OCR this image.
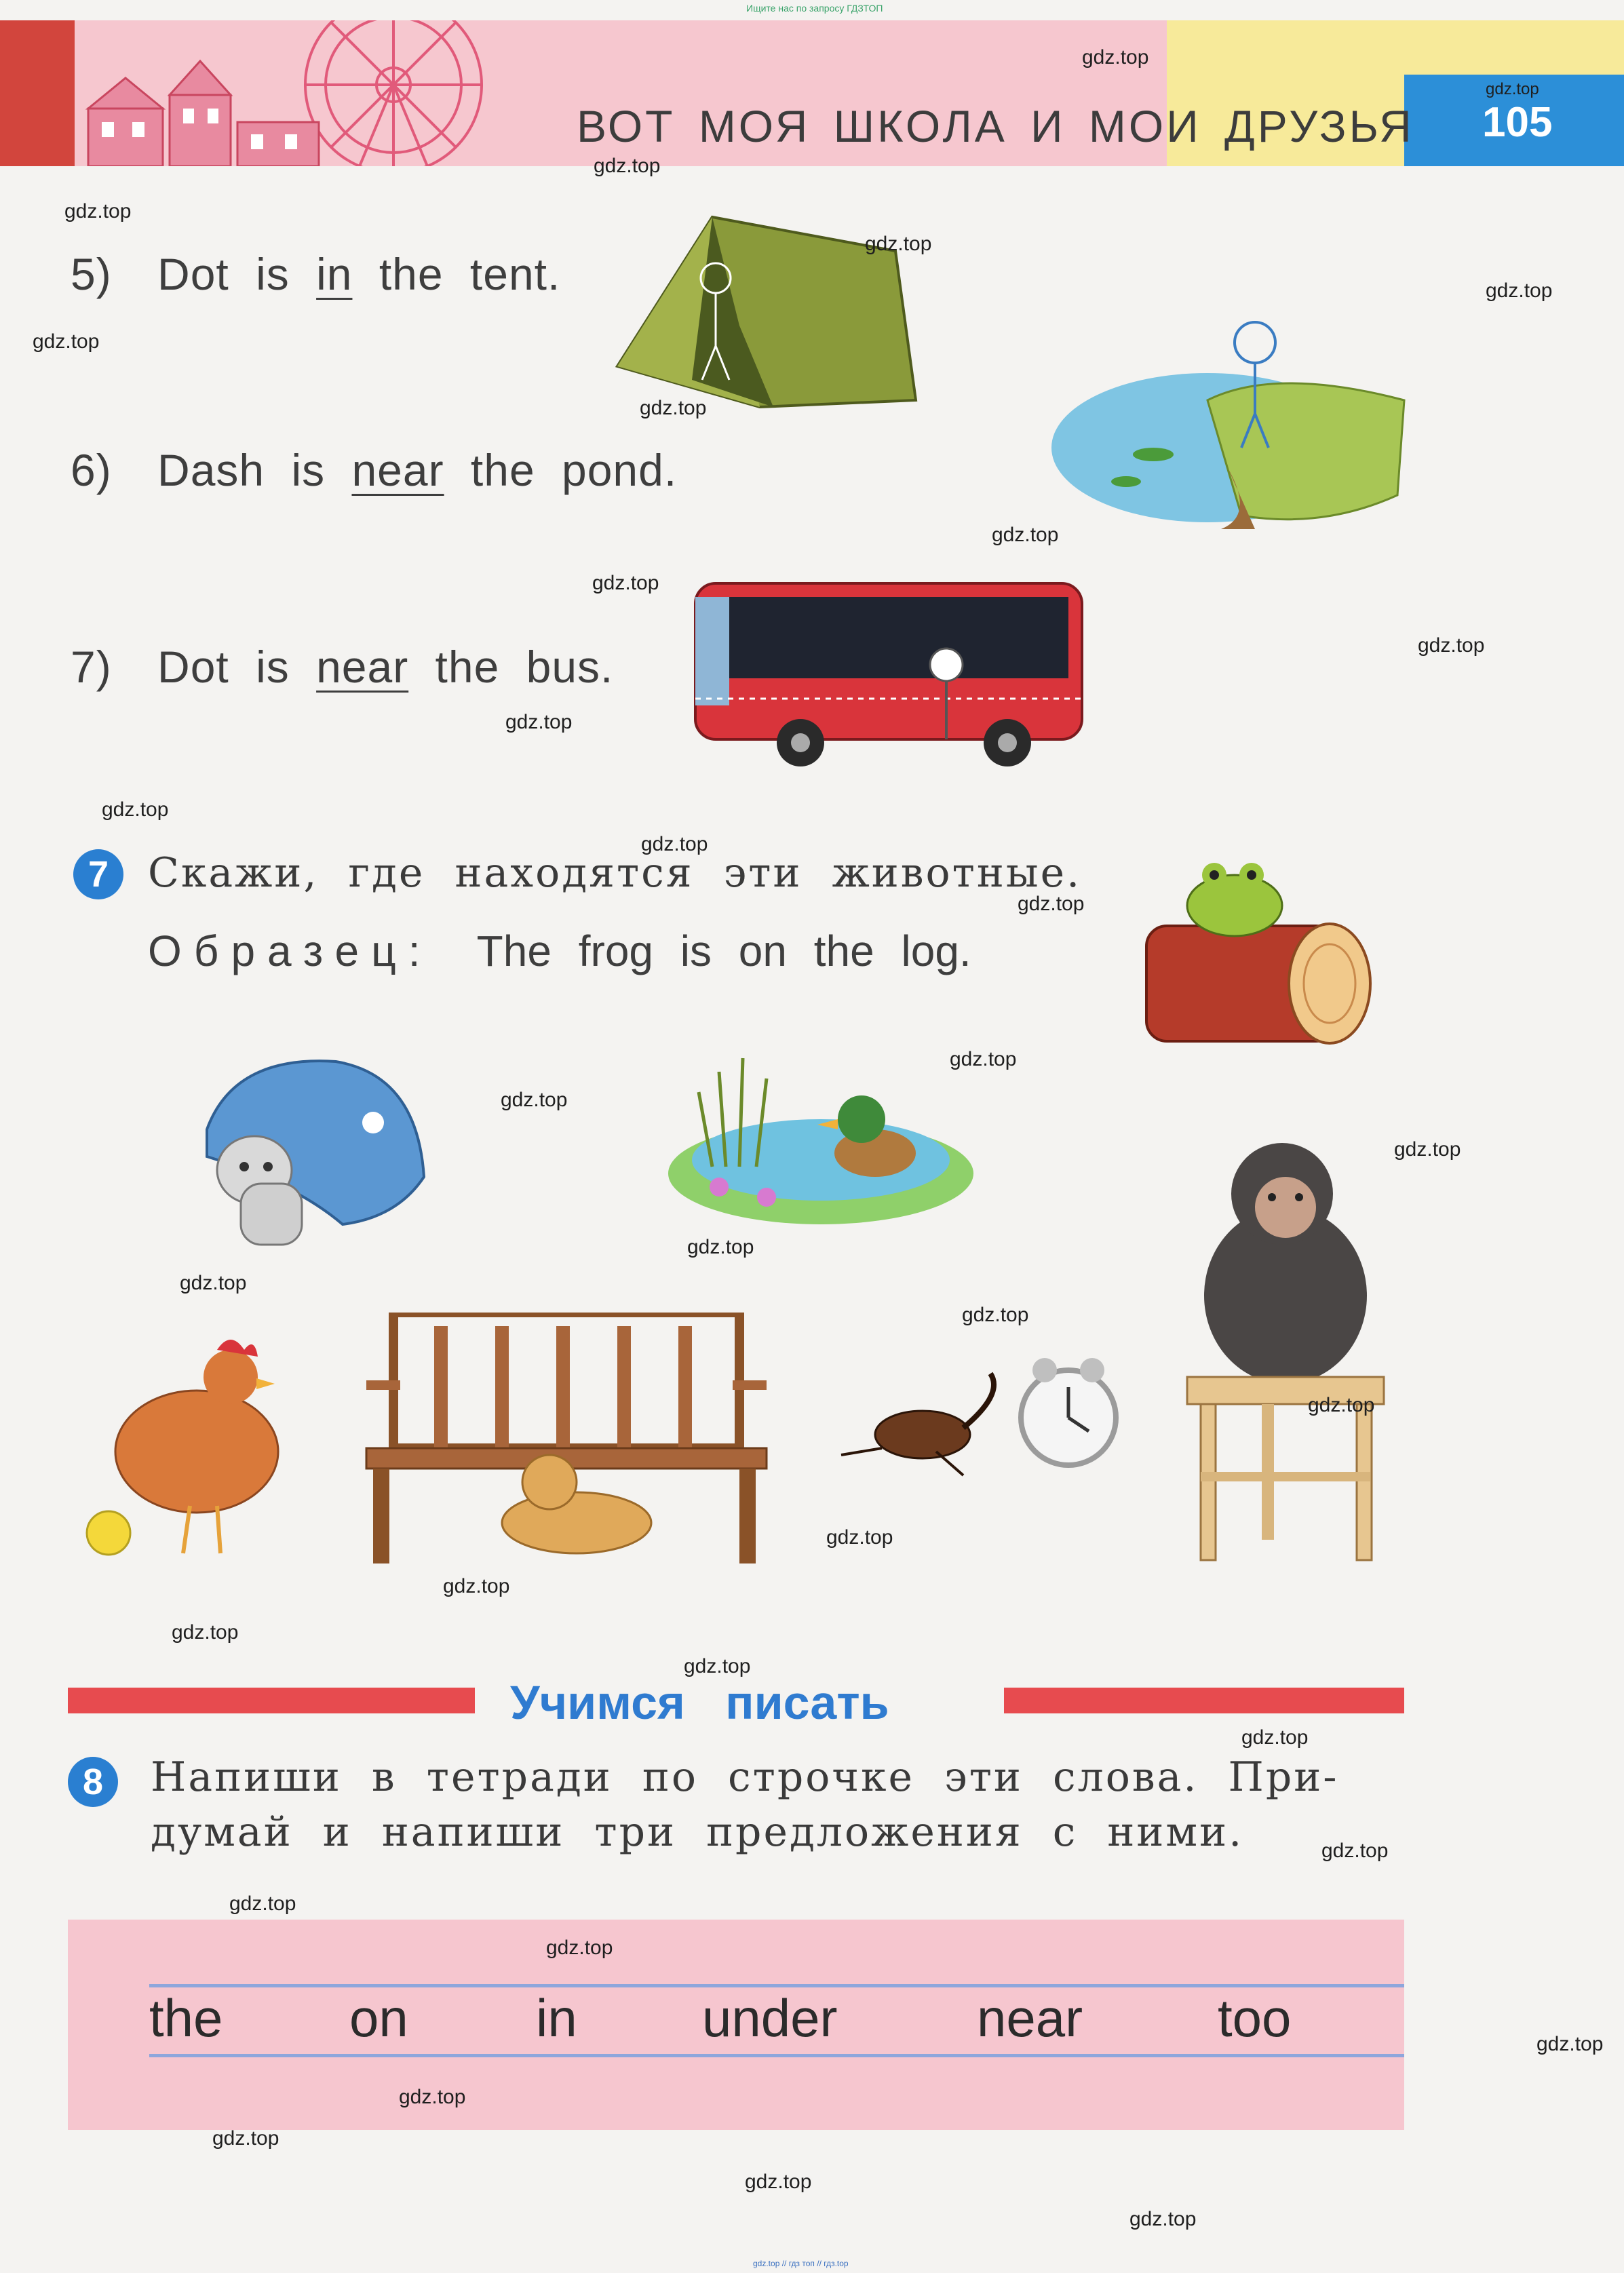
Ищите нас по запросу ГДЗТОП
ВОТ МОЯ ШКОЛА И МОИ ДРУЗЬЯ
gdz.top
105
5) Dot is in the tent.
6) Dash is near the pond.
7) Dot is near the bus.
7 Скажи, где находятся эти животные.
Образец: The frog is on the log.
Учимся писать
8	Напиши в тетради по строчке эти слова. При-
думай и напиши три предложения с ними.
the on in under	near	too
gdz.top
gdz.top
gdz.top
gdz.top
gdz.top
gdz.top
gdz.top
gdz.top
gdz.top
gdz.top
gdz.top
gdz.top
gdz.top
gdz.top
gdz.top
gdz.top
gdz.top
gdz.top
gdz.top
gdz.top
gdz.top
gdz.top
gdz.top
gdz.top
gdz.top
gdz.top
gdz.top
gdz.top
gdz.top
gdz.top
gdz.top
gdz.top
gdz.top
gdz.top
gdz.top // гдз топ // гдз.top
